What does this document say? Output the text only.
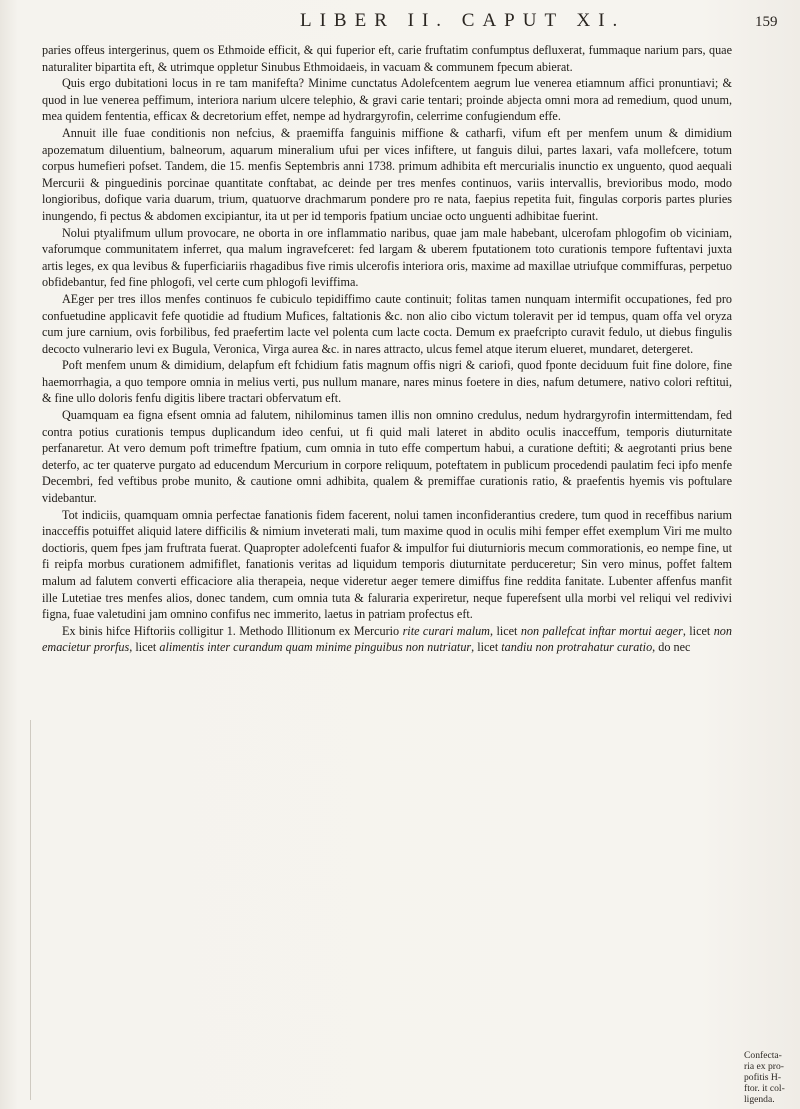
LIBER II. CAPUT XI.	159

paries offeus intergerinus, quem os Ethmoide efficit, & qui fuperior eft, carie fruftatim confumptus defluxerat, fummaque narium pars, quae naturaliter bipartita eft, & utrimque oppletur Sinubus Ethmoidaeis, in vacuam & communem fpecum abierat.

Quis ergo dubitationi locus in re tam manifefta? Minime cunctatus Adolefcentem aegrum lue venerea etiamnum affici pronuntiavi; & quod in lue venerea peffimum, interiora narium ulcere telephio, & gravi carie tentari; proinde abjecta omni mora ad remedium, quod unum, mea quidem fententia, efficax & decretorium effet, nempe ad hydrargyrofin, celerrime confugiendum effe.

Annuit ille fuae conditionis non nefcius, & praemiffa fanguinis miffione & catharfi, vifum eft per menfem unum & dimidium apozematum diluentium, balneorum, aquarum mineralium ufui per vices infiftere, ut fanguis dilui, partes laxari, vafa mollefcere, totum corpus humefieri pofset. Tandem, die 15. menfis Septembris anni 1738. primum adhibita eft mercurialis inunctio ex unguento, quod aequali Mercurii & pinguedinis porcinae quantitate conftabat, ac deinde per tres menfes continuos, variis intervallis, brevioribus modo, modo longioribus, dofique varia duarum, trium, quatuorve drachmarum pondere pro re nata, faepius repetita fuit, fingulas corporis partes pluries inungendo, fi pectus & abdomen excipiantur, ita ut per id temporis fpatium unciae octo unguenti adhibitae fuerint.

Nolui ptyalifmum ullum provocare, ne oborta in ore inflammatio naribus, quae jam male habebant, ulcerofam phlogofim ob viciniam, vaforumque communitatem inferret, qua malum ingravefceret: fed largam & uberem fputationem toto curationis tempore fuftentavi juxta artis leges, ex qua levibus & fuperficiariis rhagadibus five rimis ulcerofis interiora oris, maxime ad maxillae utriufque commiffuras, perpetuo obfidebantur, fed fine phlogofi, vel certe cum phlogofi leviffima.

AEger per tres illos menfes continuos fe cubiculo tepidiffimo caute continuit; folitas tamen nunquam intermifit occupationes, fed pro confuetudine applicavit fefe quotidie ad ftudium Mufices, faltationis &c. non alio cibo victum toleravit per id tempus, quam offa vel oryza cum jure carnium, ovis forbilibus, fed praefertim lacte vel polenta cum lacte cocta. Demum ex praefcripto curavit fedulo, ut diebus fingulis decocto vulnerario levi ex Bugula, Veronica, Virga aurea &c. in nares attracto, ulcus femel atque iterum elueret, mundaret, detergeret.

Poft menfem unum & dimidium, delapfum eft fchidium fatis magnum offis nigri & cariofi, quod fponte deciduum fuit fine dolore, fine haemorrhagia, a quo tempore omnia in melius verti, pus nullum manare, nares minus foetere in dies, nafum detumere, nativo colori reftitui, & fine ullo doloris fenfu digitis libere tractari obfervatum eft.

Quamquam ea figna efsent omnia ad falutem, nihilominus tamen illis non omnino credulus, nedum hydrargyrofin intermittendam, fed contra potius curationis tempus duplicandum ideo cenfui, ut fi quid mali lateret in abdito oculis inacceffum, temporis diuturnitate perfanaretur. At vero demum poft trimeftre fpatium, cum omnia in tuto effe compertum habui, a curatione deftiti; & aegrotanti prius bene deterfo, ac ter quaterve purgato ad educendum Mercurium in corpore reliquum, poteftatem in publicum procedendi paulatim feci ipfo menfe Decembri, fed veftibus probe munito, & cautione omni adhibita, qualem & premiffae curationis ratio, & praefentis hyemis vis poftulare videbantur.

Tot indiciis, quamquam omnia perfectae fanationis fidem facerent, nolui tamen inconfiderantius credere, tum quod in receffibus narium inacceffis potuiffet aliquid latere difficilis & nimium inveterati mali, tum maxime quod in oculis mihi femper effet exemplum Viri me multo doctioris, quem fpes jam fruftrata fuerat. Quapropter adolefcenti fuafor & impulfor fui diuturnioris mecum commorationis, eo nempe fine, ut fi reipfa morbus curationem admififlet, fanationis veritas ad liquidum temporis diuturnitate perduceretur; Sin vero minus, poffet faltem malum ad falutem converti efficaciore alia therapeia, neque videretur aeger temere dimiffus fine reddita fanitate. Lubenter affenfus manfit ille Lutetiae tres menfes alios, donec tandem, cum omnia tuta & faluraria experiretur, neque fuperefsent ulla morbi vel reliqui vel redivivi figna, fuae valetudini jam omnino confifus nec immerito, laetus in patriam profectus eft.

Ex binis hifce Hiftoriis colligitur 1. Methodo Illitionum ex Mercurio rite curari malum, licet non pallefcat inftar mortui aeger, licet non emacietur prorfus, licet alimentis inter curandum quam minime pinguibus non nutriatur, licet tandiu non protrahatur curatio, do nec

Confecta-
ria ex pro-
pofitis H-
ftor. it col-
ligenda.
